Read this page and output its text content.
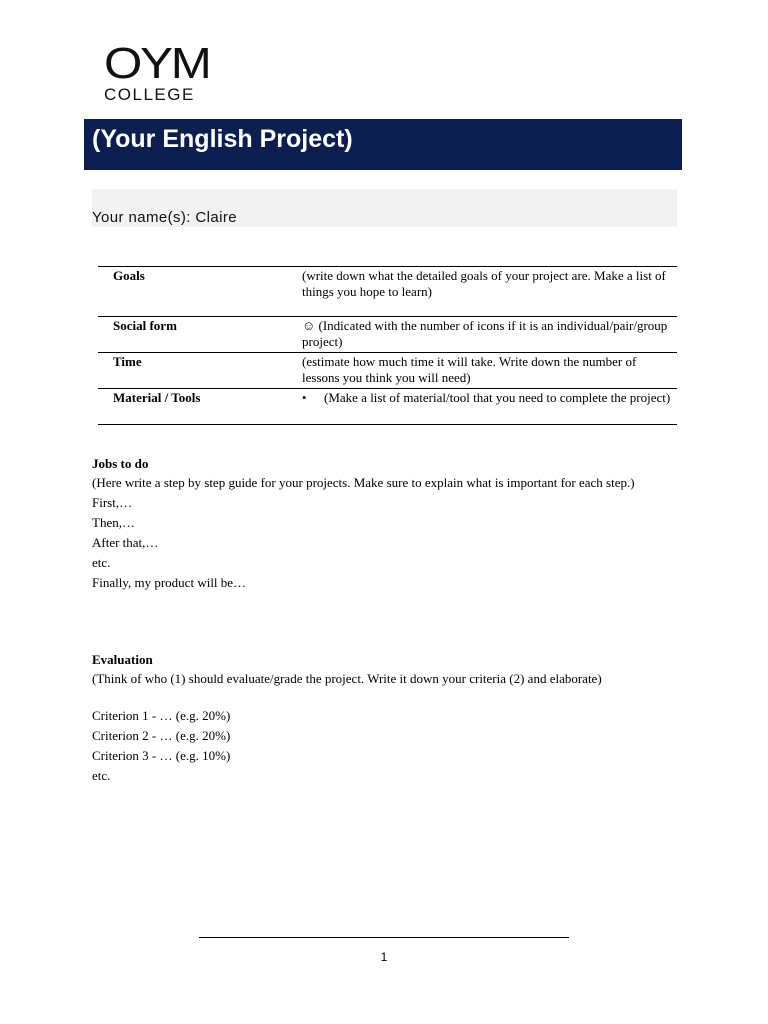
OYM
COLLEGE
(Your English Project)
Your name(s): Claire
Goals	(write down what the detailed goals of your project are. Make a list of things you hope to learn)
Social form	☺ (Indicated with the number of icons if it is an individual/pair/group project)
Time	(estimate how much time it will take. Write down the number of lessons you think you will need)
Material / Tools	• (Make a list of material/tool that you need to complete the project)
Jobs to do

(Here write a step by step guide for your projects. Make sure to explain what is important for each step.)

First,…
Then,…
After that,…
etc.
Finally, my product will be…
Evaluation

(Think of who (1) should evaluate/grade the project. Write it down your criteria (2) and elaborate)

Criterion 1 - … (e.g. 20%)
Criterion 2 - … (e.g. 20%)
Criterion 3 - … (e.g. 10%)
etc.
1
